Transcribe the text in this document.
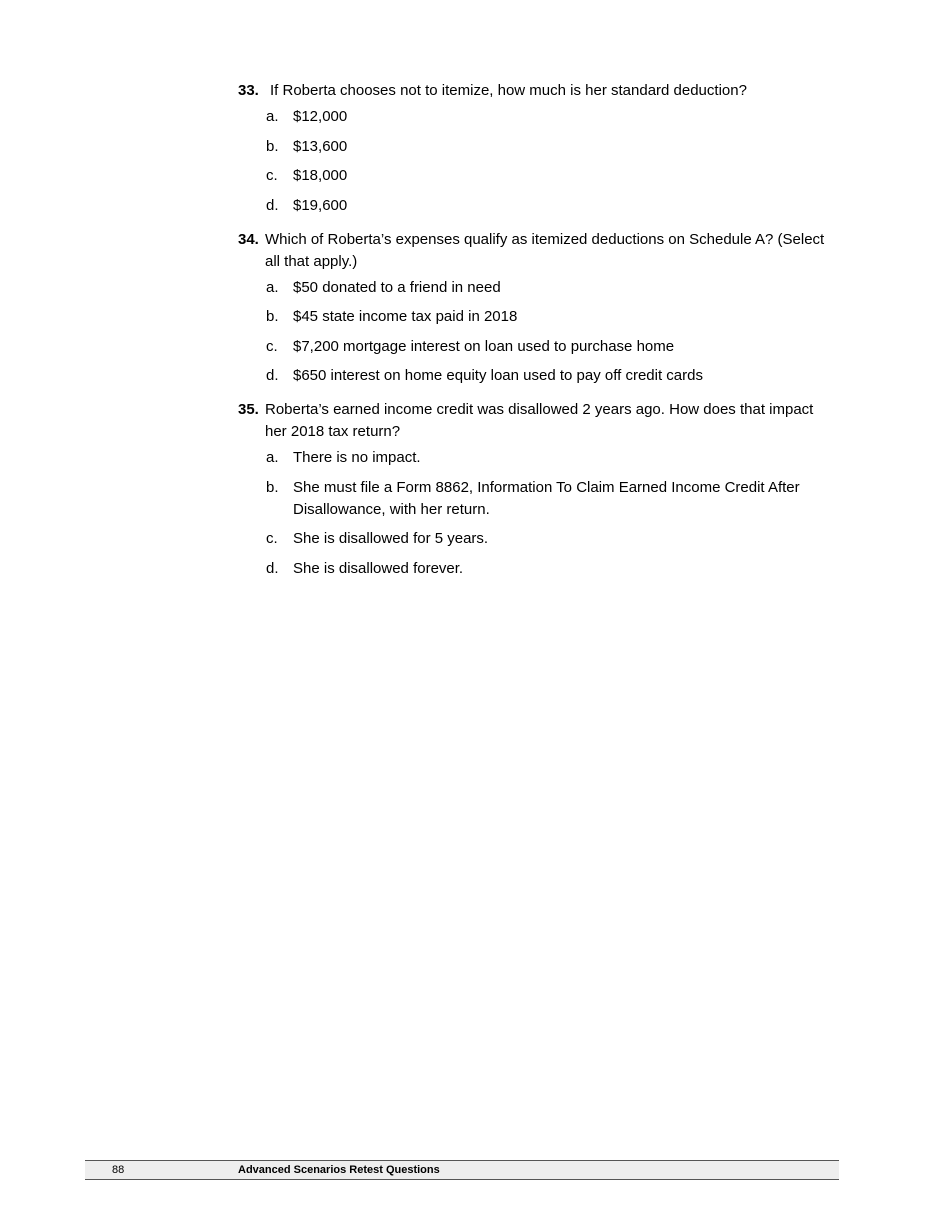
33. If Roberta chooses not to itemize, how much is her standard deduction?
a. $12,000
b. $13,600
c. $18,000
d. $19,600
34. Which of Roberta’s expenses qualify as itemized deductions on Schedule A? (Select all that apply.)
a. $50 donated to a friend in need
b. $45 state income tax paid in 2018
c. $7,200 mortgage interest on loan used to purchase home
d. $650 interest on home equity loan used to pay off credit cards
35. Roberta’s earned income credit was disallowed 2 years ago. How does that impact her 2018 tax return?
a. There is no impact.
b. She must file a Form 8862, Information To Claim Earned Income Credit After Disallowance, with her return.
c. She is disallowed for 5 years.
d. She is disallowed forever.
88	Advanced Scenarios Retest Questions
